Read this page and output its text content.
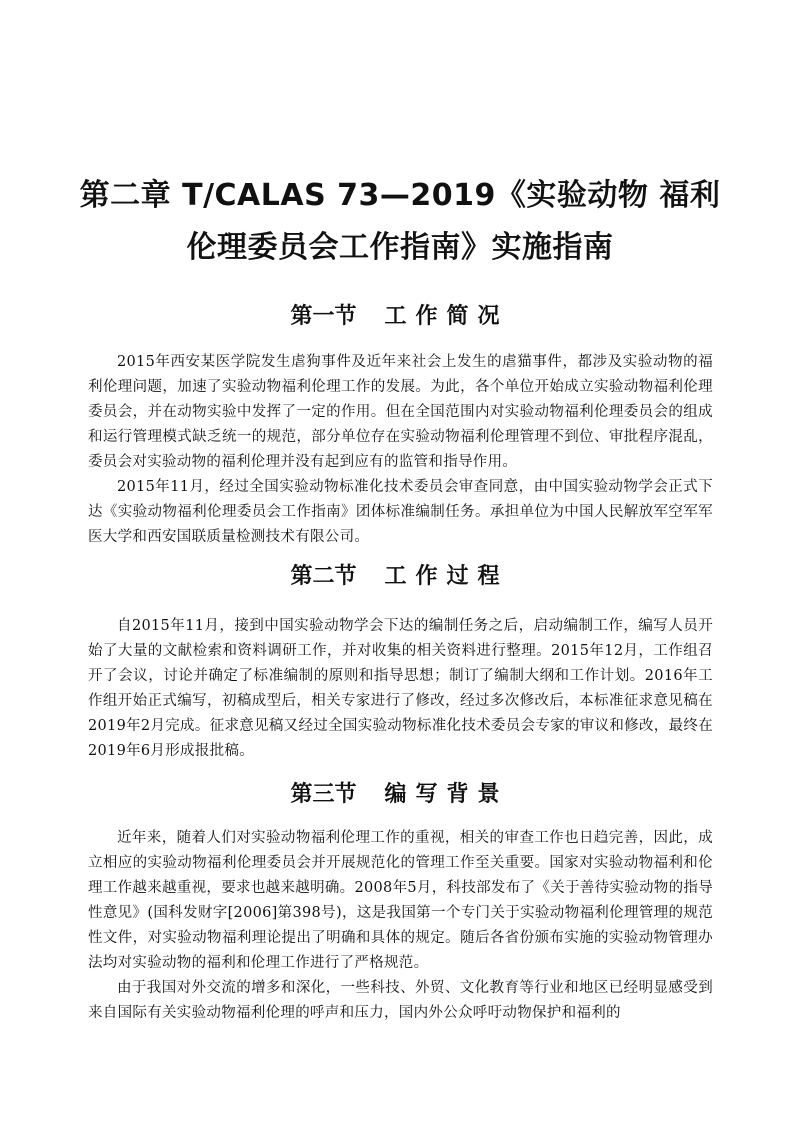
第二章 T/CALAS 73—2019《实验动物 福利
伦理委员会工作指南》实施指南
第一节 工作简况

2015年西安某医学院发生虐狗事件及近年来社会上发生的虐猫事件，都涉及实验动物的福利伦理问题，加速了实验动物福利伦理工作的发展。为此，各个单位开始成立实验动物福利伦理委员会，并在动物实验中发挥了一定的作用。但在全国范围内对实验动物福利伦理委员会的组成和运行管理模式缺乏统一的规范，部分单位存在实验动物福利伦理管理不到位、审批程序混乱，委员会对实验动物的福利伦理并没有起到应有的监管和指导作用。

2015年11月，经过全国实验动物标准化技术委员会审查同意，由中国实验动物学会正式下达《实验动物福利伦理委员会工作指南》团体标准编制任务。承担单位为中国人民解放军空军军医大学和西安国联质量检测技术有限公司。

第二节 工作过程

自2015年11月，接到中国实验动物学会下达的编制任务之后，启动编制工作，编写人员开始了大量的文献检索和资料调研工作，并对收集的相关资料进行整理。2015年12月，工作组召开了会议，讨论并确定了标准编制的原则和指导思想；制订了编制大纲和工作计划。2016年工作组开始正式编写，初稿成型后，相关专家进行了修改，经过多次修改后，本标准征求意见稿在2019年2月完成。征求意见稿又经过全国实验动物标准化技术委员会专家的审议和修改，最终在2019年6月形成报批稿。

第三节 编写背景

近年来，随着人们对实验动物福利伦理工作的重视，相关的审查工作也日趋完善，因此，成立相应的实验动物福利伦理委员会并开展规范化的管理工作至关重要。国家对实验动物福利和伦理工作越来越重视，要求也越来越明确。2008年5月，科技部发布了《关于善待实验动物的指导性意见》(国科发财字[2006]第398号)，这是我国第一个专门关于实验动物福利伦理管理的规范性文件，对实验动物福利理论提出了明确和具体的规定。随后各省份颁布实施的实验动物管理办法均对实验动物的福利和伦理工作进行了严格规范。

由于我国对外交流的增多和深化，一些科技、外贸、文化教育等行业和地区已经明显感受到来自国际有关实验动物福利伦理的呼声和压力，国内外公众呼吁动物保护和福利的
